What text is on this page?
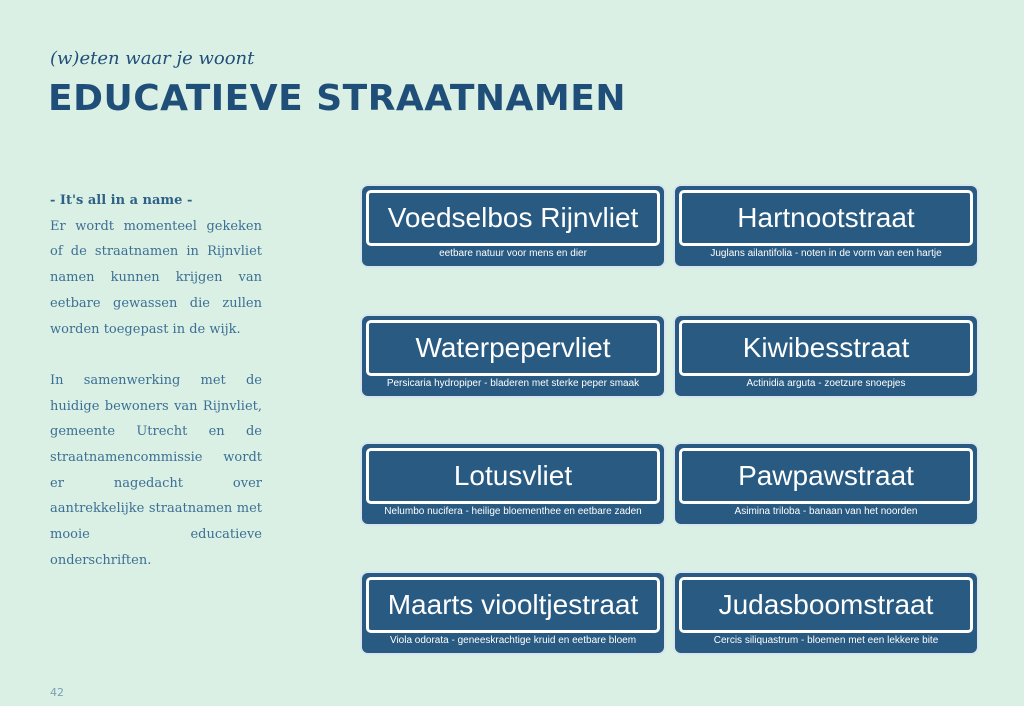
(w)eten waar je woont
EDUCATIEVE STRAATNAMEN
- It's all in a name -

Er wordt momenteel gekeken of de straatnamen in Rijnvliet namen kunnen krijgen van eetbare gewassen die zullen worden toegepast in de wijk.

In samenwerking met de huidige bewoners van Rijnvliet, gemeente Utrecht en de straatnamencommissie wordt er nagedacht over aantrekkelijke straatnamen met mooie educatieve onderschriften.

Voedselbos Rijnvliet
eetbare natuur voor mens en dier
Hartnootstraat
Juglans ailantifolia - noten in de vorm van een hartje
Waterpepervliet
Persicaria hydropiper - bladeren met sterke peper smaak
Kiwibesstraat
Actinidia arguta - zoetzure snoepjes
Lotusvliet
Nelumbo nucifera - heilige bloementhee en eetbare zaden
Pawpawstraat
Asimina triloba - banaan van het noorden
Maarts viooltjestraat
Viola odorata - geneeskrachtige kruid en eetbare bloem
Judasboomstraat
Cercis siliquastrum - bloemen met een lekkere bite
42
